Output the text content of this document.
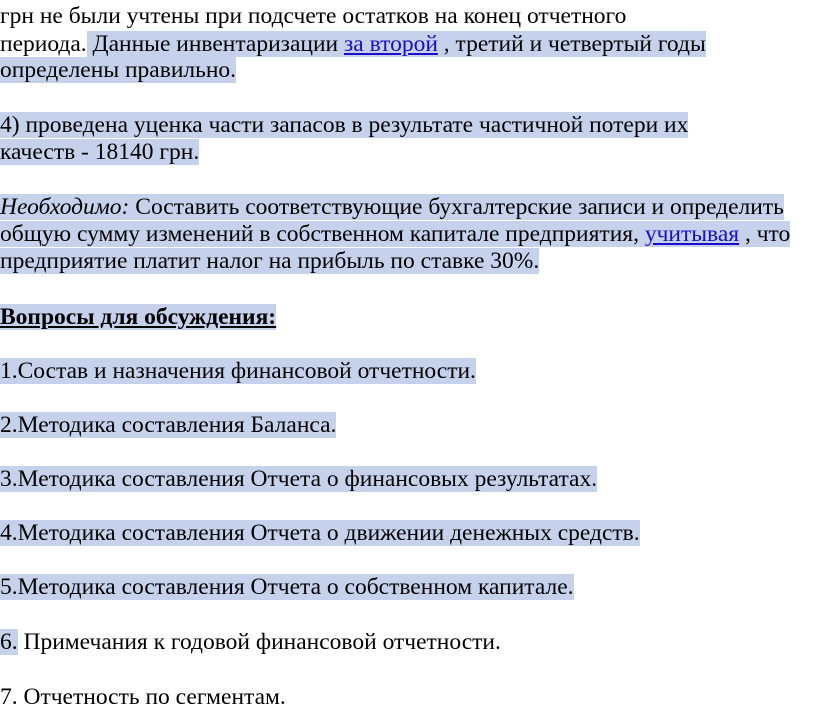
грн не были учтены при подсчете остатков на конец отчетного
периода. Данные инвентаризации за второй , третий и четвертый годы
определены правильно.
4) проведена уценка части запасов в результате частичной потери их
качеств - 18140 грн.
Необходимо: Составить соответствующие бухгалтерские записи и определить
общую сумму изменений в собственном капитале предприятия, учитывая , что
предприятие платит налог на прибыль по ставке 30%.
Вопросы для обсуждения:
1.Состав и назначения финансовой отчетности.
2.Методика составления Баланса.
3.Методика составления Отчета о финансовых результатах.
4.Методика составления Отчета о движении денежных средств.
5.Методика составления Отчета о собственном капитале.
6. Примечания к годовой финансовой отчетности.
7. Отчетность по сегментам.
